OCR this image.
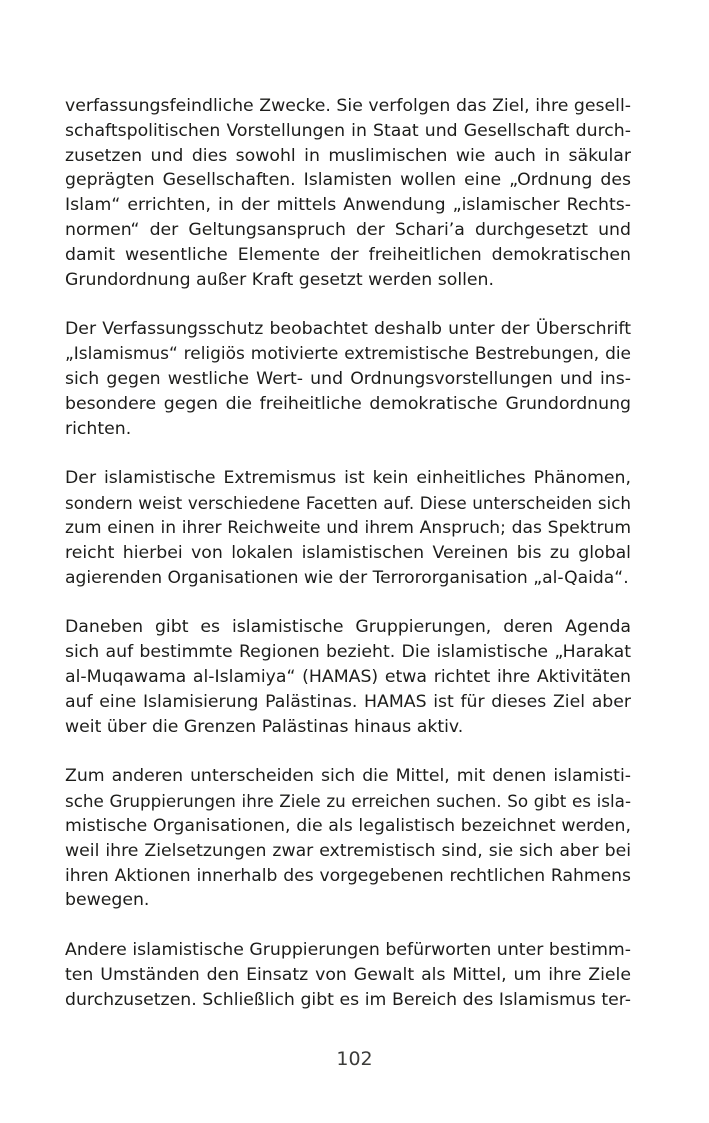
verfassungsfeindliche Zwecke. Sie verfolgen das Ziel, ihre gesell-
schaftspolitischen Vorstellungen in Staat und Gesellschaft durch-
zusetzen und dies sowohl in muslimischen wie auch in säkular
geprägten Gesellschaften. Islamisten wollen eine „Ordnung des
Islam“ errichten, in der mittels Anwendung „islamischer Rechts-
normen“ der Geltungsanspruch der Schari’a durchgesetzt und
damit wesentliche Elemente der freiheitlichen demokratischen
Grundordnung außer Kraft gesetzt werden sollen.
Der Verfassungsschutz beobachtet deshalb unter der Überschrift
„Islamismus“ religiös motivierte extremistische Bestrebungen, die
sich gegen westliche Wert- und Ordnungsvorstellungen und ins-
besondere gegen die freiheitliche demokratische Grundordnung
richten.
Der islamistische Extremismus ist kein einheitliches Phänomen,
sondern weist verschiedene Facetten auf. Diese unterscheiden sich
zum einen in ihrer Reichweite und ihrem Anspruch; das Spektrum
reicht hierbei von lokalen islamistischen Vereinen bis zu global
agierenden Organisationen wie der Terrororganisation „al-Qaida“.
Daneben gibt es islamistische Gruppierungen, deren Agenda
sich auf bestimmte Regionen bezieht. Die islamistische „Harakat
al-Muqawama al-Islamiya“ (HAMAS) etwa richtet ihre Aktivitäten
auf eine Islamisierung Palästinas. HAMAS ist für dieses Ziel aber
weit über die Grenzen Palästinas hinaus aktiv.
Zum anderen unterscheiden sich die Mittel, mit denen islamisti-
sche Gruppierungen ihre Ziele zu erreichen suchen. So gibt es isla-
mistische Organisationen, die als legalistisch bezeichnet werden,
weil ihre Zielsetzungen zwar extremistisch sind, sie sich aber bei
ihren Aktionen innerhalb des vorgegebenen rechtlichen Rahmens
bewegen.
Andere islamistische Gruppierungen befürworten unter bestimm-
ten Umständen den Einsatz von Gewalt als Mittel, um ihre Ziele
durchzusetzen. Schließlich gibt es im Bereich des Islamismus ter-
102
